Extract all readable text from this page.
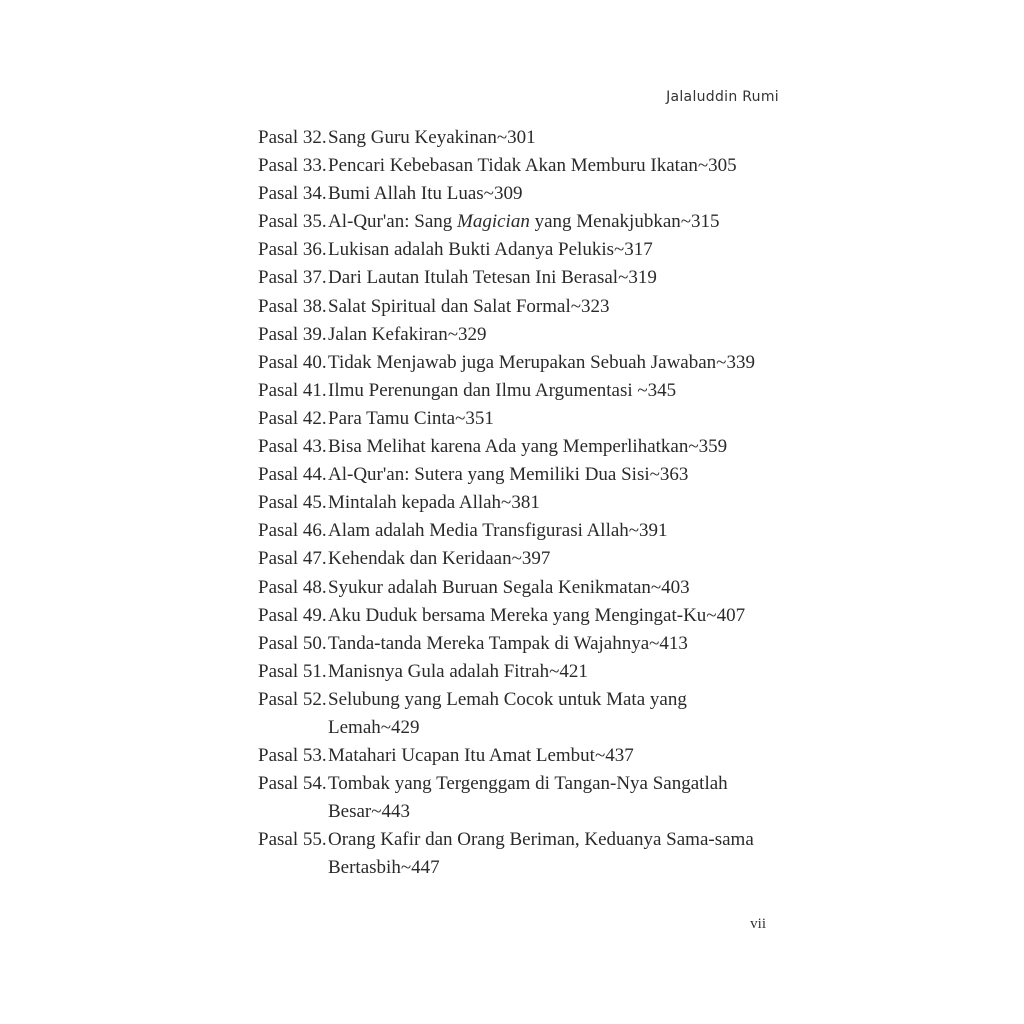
Jalaluddin Rumi
Pasal 32. Sang Guru Keyakinan~301
Pasal 33. Pencari Kebebasan Tidak Akan Memburu Ikatan~305
Pasal 34. Bumi Allah Itu Luas~309
Pasal 35. Al-Qur'an: Sang Magician yang Menakjubkan~315
Pasal 36. Lukisan adalah Bukti Adanya Pelukis~317
Pasal 37. Dari Lautan Itulah Tetesan Ini Berasal~319
Pasal 38. Salat Spiritual dan Salat Formal~323
Pasal 39. Jalan Kefakiran~329
Pasal 40. Tidak Menjawab juga Merupakan Sebuah Jawaban~339
Pasal 41. Ilmu Perenungan dan Ilmu Argumentasi ~345
Pasal 42. Para Tamu Cinta~351
Pasal 43. Bisa Melihat karena Ada yang Memperlihatkan~359
Pasal 44. Al-Qur'an: Sutera yang Memiliki Dua Sisi~363
Pasal 45. Mintalah kepada Allah~381
Pasal 46. Alam adalah Media Transfigurasi Allah~391
Pasal 47. Kehendak dan Keridaan~397
Pasal 48. Syukur adalah Buruan Segala Kenikmatan~403
Pasal 49. Aku Duduk bersama Mereka yang Mengingat-Ku~407
Pasal 50. Tanda-tanda Mereka Tampak di Wajahnya~413
Pasal 51. Manisnya Gula adalah Fitrah~421
Pasal 52. Selubung yang Lemah Cocok untuk Mata yang
Lemah~429
Pasal 53. Matahari Ucapan Itu Amat Lembut~437
Pasal 54. Tombak yang Tergenggam di Tangan-Nya Sangatlah
Besar~443
Pasal 55. Orang Kafir dan Orang Beriman, Keduanya Sama-sama
Bertasbih~447
vii
